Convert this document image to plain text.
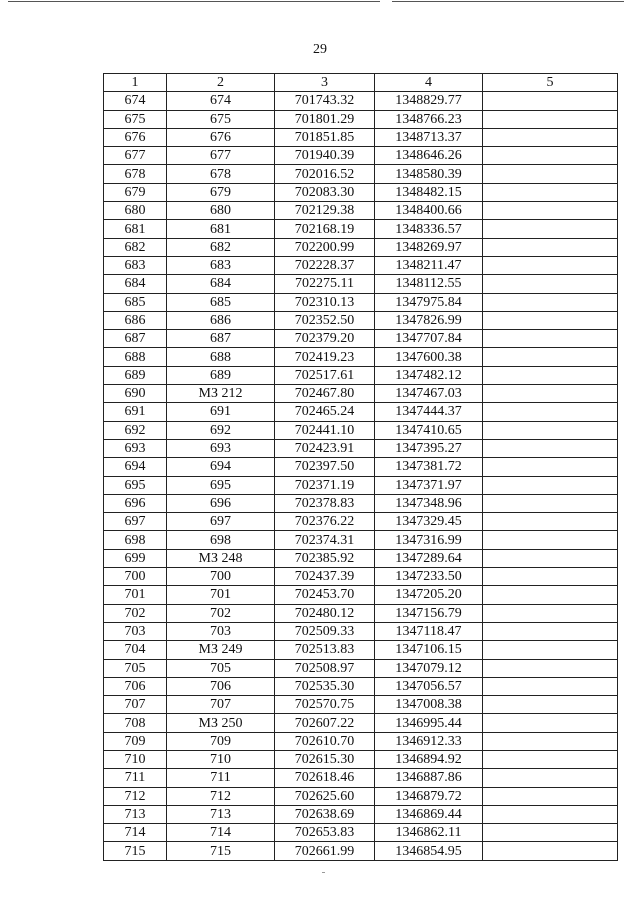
29
1	2	3	4	5
674	674	701743.32	1348829.77	
675	675	701801.29	1348766.23	
676	676	701851.85	1348713.37	
677	677	701940.39	1348646.26	
678	678	702016.52	1348580.39	
679	679	702083.30	1348482.15	
680	680	702129.38	1348400.66	
681	681	702168.19	1348336.57	
682	682	702200.99	1348269.97	
683	683	702228.37	1348211.47	
684	684	702275.11	1348112.55	
685	685	702310.13	1347975.84	
686	686	702352.50	1347826.99	
687	687	702379.20	1347707.84	
688	688	702419.23	1347600.38	
689	689	702517.61	1347482.12	
690	МЗ 212	702467.80	1347467.03	
691	691	702465.24	1347444.37	
692	692	702441.10	1347410.65	
693	693	702423.91	1347395.27	
694	694	702397.50	1347381.72	
695	695	702371.19	1347371.97	
696	696	702378.83	1347348.96	
697	697	702376.22	1347329.45	
698	698	702374.31	1347316.99	
699	МЗ 248	702385.92	1347289.64	
700	700	702437.39	1347233.50	
701	701	702453.70	1347205.20	
702	702	702480.12	1347156.79	
703	703	702509.33	1347118.47	
704	МЗ 249	702513.83	1347106.15	
705	705	702508.97	1347079.12	
706	706	702535.30	1347056.57	
707	707	702570.75	1347008.38	
708	МЗ 250	702607.22	1346995.44	
709	709	702610.70	1346912.33	
710	710	702615.30	1346894.92	
711	711	702618.46	1346887.86	
712	712	702625.60	1346879.72	
713	713	702638.69	1346869.44	
714	714	702653.83	1346862.11	
715	715	702661.99	1346854.95	
